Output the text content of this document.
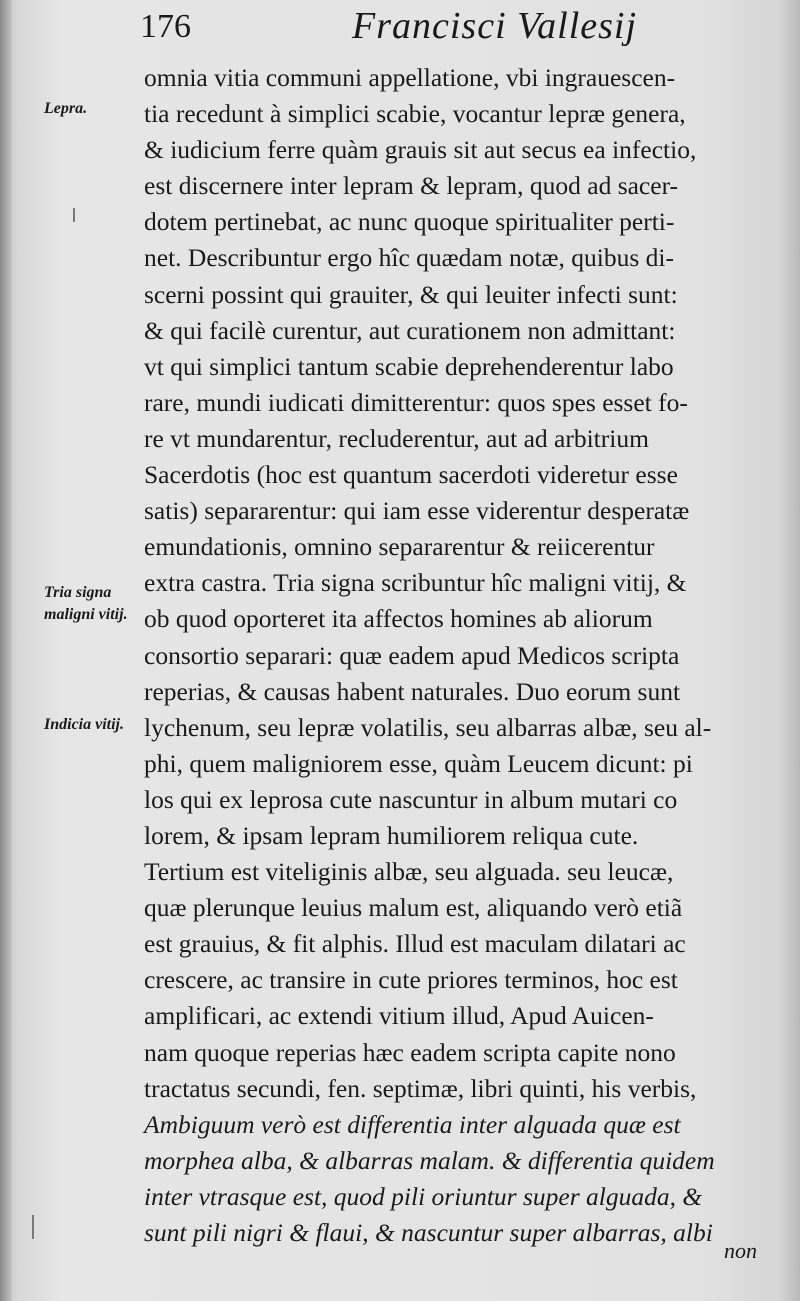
176	Francisci Vallesij
Lepra.
Tria signa maligni vitij.
Indicia vitij.
omnia vitia communi appellatione, vbi ingrauescen-
tia recedunt à simplici scabie, vocantur lepræ genera,
& iudicium ferre quàm grauis sit aut secus ea infectio,
est discernere inter lepram & lepram, quod ad sacer-
dotem pertinebat, ac nunc quoque spiritualiter perti-
net. Describuntur ergo hîc quædam notæ, quibus di-
scerni possint qui grauiter, & qui leuiter infecti sunt:
& qui facilè curentur, aut curationem non admittant:
vt qui simplici tantum scabie deprehenderentur labo
rare, mundi iudicati dimitterentur: quos spes esset fo-
re vt mundarentur, recluderentur, aut ad arbitrium
Sacerdotis (hoc est quantum sacerdoti videretur esse
satis) separarentur: qui iam esse viderentur desperatæ
emundationis, omnino separarentur & reiicerentur
extra castra. Tria signa scribuntur hîc maligni vitij, &
ob quod oporteret ita affectos homines ab aliorum
consortio separari: quæ eadem apud Medicos scripta
reperias, & causas habent naturales. Duo eorum sunt
lychenum, seu lepræ volatilis, seu albarras albæ, seu al-
phi, quem maligniorem esse, quàm Leucem dicunt: pi
los qui ex leprosa cute nascuntur in album mutari co
lorem, & ipsam lepram humiliorem reliqua cute.
Tertium est viteliginis albæ, seu alguada. seu leucæ,
quæ plerunque leuius malum est, aliquando verò etiã
est grauius, & fit alphis. Illud est maculam dilatari ac
crescere, ac transire in cute priores terminos, hoc est
amplificari, ac extendi vitium illud, Apud Auicen-
nam quoque reperias hæc eadem scripta capite nono
tractatus secundi, fen. septimæ, libri quinti, his verbis,
Ambiguum verò est differentia inter alguada quæ est
morphea alba, & albarras malam. & differentia quidem
inter vtrasque est, quod pili oriuntur super alguada, &
sunt pili nigri & flaui, & nascuntur super albarras, albi
non
